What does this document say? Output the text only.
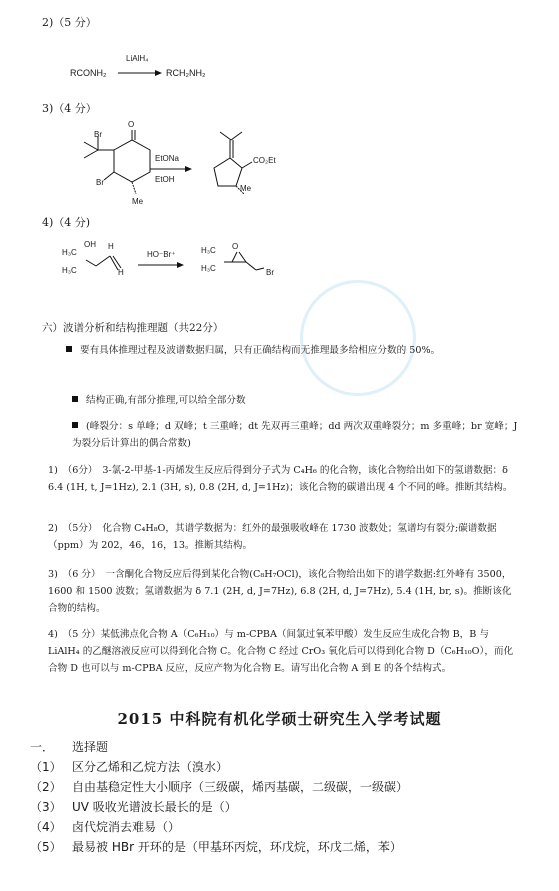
2)（5 分）
RCONH₂
LiAlH₄
RCH₂NH₂
3)（4 分）
Br
O
Br
Me
EtONa
EtOH
CO₂Et
Me
4)（4 分)
H₃C
OH H
H₃C	H
HO⁻Br⁺	H₃C O
H₃C	Br
六）波谱分析和结构推理题（共22分）
要有具体推理过程及波谱数据归属，只有正确结构而无推理最多给相应分数的 50%。
结构正确,有部分推理,可以给全部分数
(峰裂分：s 单峰；d 双峰；t 三重峰；dt 先双再三重峰；dd 两次双重峰裂分；m 多重峰；br 宽峰；J 为裂分后计算出的偶合常数)
1)　（6分）　3-氯-2-甲基-1-丙烯发生反应后得到分子式为 C₄H₆ 的化合物，该化合物给出如下的氢谱数据：δ 6.4 (1H, t, J=1Hz), 2.1 (3H, s), 0.8 (2H, d, J=1Hz)；该化合物的碳谱出现 4 个不同的峰。推断其结构。
2)　（5分）　化合物 C₄H₈O，其谱学数据为：红外的最强吸收峰在 1730 波数处；氢谱均有裂分;碳谱数据（ppm）为 202，46，16，13。推断其结构。
3)　（6 分）　一含酮化合物反应后得到某化合物(C₈H₇OCl)，该化合物给出如下的谱学数据:红外峰有 3500，1600 和 1500 波数；氢谱数据为 δ 7.1 (2H, d, J=7Hz), 6.8 (2H, d, J=7Hz), 5.4 (1H, br, s)。推断该化合物的结构。
4)　（5 分）某低沸点化合物 A（C₆H₁₀）与 m-CPBA（间氯过氧苯甲酸）发生反应生成化合物 B，B 与 LiAlH₄ 的乙醚溶液反应可以得到化合物 C。化合物 C 经过 CrO₃ 氧化后可以得到化合物 D（C₆H₁₀O），而化合物 D 也可以与 m-CPBA 反应，反应产物为化合物 E。请写出化合物 A 到 E 的各个结构式。
2015 中科院有机化学硕士研究生入学考试题
一． 选择题
（1） 区分乙烯和乙烷方法（溴水）
（2） 自由基稳定性大小顺序（三级碳，烯丙基碳，二级碳，一级碳）
（3） UV 吸收光谱波长最长的是（）
（4） 卤代烷消去难易（）
（5） 最易被 HBr 开环的是（甲基环丙烷，环戊烷，环戊二烯，苯）
